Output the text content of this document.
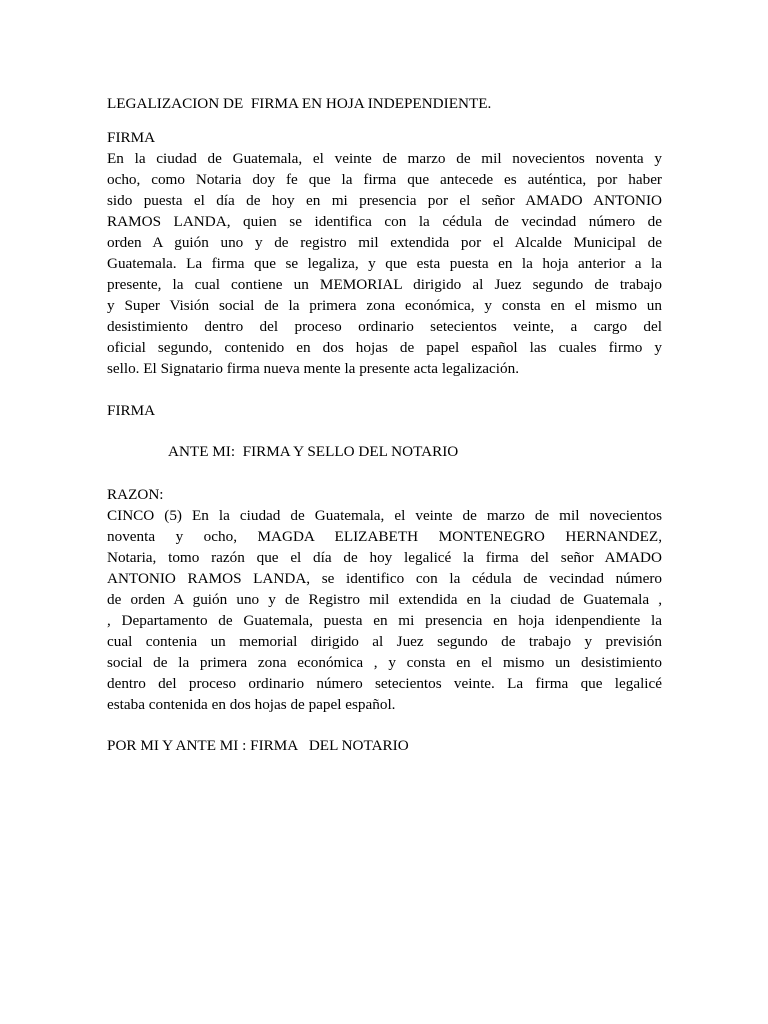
LEGALIZACION DE  FIRMA EN HOJA INDEPENDIENTE.
FIRMA
En la ciudad de Guatemala, el veinte de marzo de mil novecientos noventa y
ocho, como Notaria doy fe que la firma que antecede es auténtica, por haber
sido puesta el día de hoy en mi presencia por el señor AMADO ANTONIO
RAMOS LANDA, quien se identifica con la cédula de vecindad número de
orden A guión uno y de registro mil extendida por el Alcalde Municipal de
Guatemala. La firma que se legaliza, y que esta puesta en la hoja anterior a la
presente, la cual contiene un MEMORIAL dirigido al Juez segundo de trabajo
y Super Visión social de la primera zona económica, y consta en el mismo un
desistimiento dentro del proceso ordinario setecientos veinte, a cargo del
oficial segundo, contenido en dos hojas de papel español las cuales firmo y
sello. El Signatario firma nueva mente la presente acta legalización.
FIRMA
ANTE MI:  FIRMA Y SELLO DEL NOTARIO
RAZON:
CINCO (5) En la ciudad de Guatemala, el veinte de marzo de mil novecientos
noventa y ocho, MAGDA ELIZABETH MONTENEGRO HERNANDEZ,
Notaria, tomo razón que el día de hoy legalicé la firma del señor AMADO
ANTONIO RAMOS LANDA, se identifico con la cédula de vecindad número
de orden A guión uno y de Registro mil extendida en la ciudad de Guatemala ,
, Departamento de Guatemala, puesta en mi presencia en hoja idenpendiente la
cual contenia un memorial dirigido al Juez segundo de trabajo y previsión
social de la primera zona económica , y consta en el mismo un desistimiento
dentro del proceso ordinario número setecientos veinte. La firma que legalicé
estaba contenida en dos hojas de papel español.
POR MI Y ANTE MI : FIRMA   DEL NOTARIO
